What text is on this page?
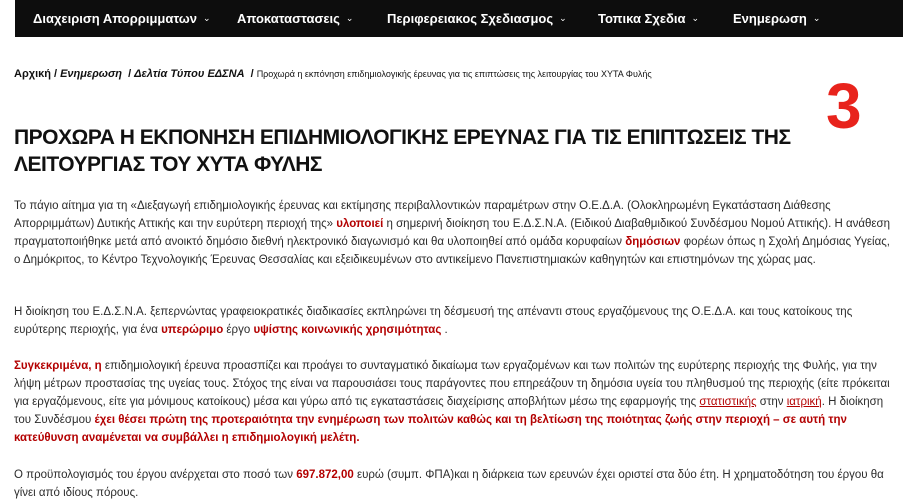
Διαχειριση Απορριμματων ⌄ Αποκαταστασεις ⌄	Περιφερειακος Σχεδιασμος ⌄ Τοπικα Σχεδια ⌄	Ενημερωση ⌄
Αρχική / Ενημερωση / Δελτία Τύπου ΕΔΣΝΑ / Προχωρά η εκπόνηση επιδημιολογικής έρευνας για τις επιπτώσεις της λειτουργίας του ΧΥΤΑ Φυλής	3
ΠΡΟΧΩΡΑ Η ΕΚΠΟΝΗΣΗ ΕΠΙΔΗΜΙΟΛΟΓΙΚΗΣ ΕΡΕΥΝΑΣ ΓΙΑ ΤΙΣ ΕΠΙΠΤΩΣΕΙΣ ΤΗΣ ΛΕΙΤΟΥΡΓΙΑΣ ΤΟΥ ΧΥΤΑ ΦΥΛΗΣ

Το πάγιο αίτημα για τη «Διεξαγωγή επιδημιολογικής έρευνας και εκτίμησης περιβαλλοντικών παραμέτρων στην Ο.Ε.Δ.Α. (Ολοκληρωμένη Εγκατάσταση Διάθεσης Απορριμμάτων) Δυτικής Αττικής και την ευρύτερη περιοχή της» υλοποιεί η σημερινή διοίκηση του Ε.Δ.Σ.Ν.Α. (Ειδικού Διαβαθμιδικού Συνδέσμου Νομού Αττικής). Η ανάθεση πραγματοποιήθηκε μετά από ανοικτό δημόσιο διεθνή ηλεκτρονικό διαγωνισμό και θα υλοποιηθεί από ομάδα κορυφαίων δημόσιων φορέων όπως η Σχολή Δημόσιας Υγείας, ο Δημόκριτος, το Κέντρο Τεχνολογικής Έρευνας Θεσσαλίας και εξειδικευμένων στο αντικείμενο Πανεπιστημιακών καθηγητών και επιστημόνων της χώρας μας.

Η διοίκηση του Ε.Δ.Σ.Ν.Α. ξεπερνώντας γραφειοκρατικές διαδικασίες εκπληρώνει τη δέσμευσή της απέναντι στους εργαζόμενους της Ο.Ε.Δ.Α. και τους κατοίκους της ευρύτερης περιοχής, για ένα υπερώριμο έργο υψίστης κοινωνικής χρησιμότητας .

Συγκεκριμένα, η επιδημιολογική έρευνα προασπίζει και προάγει το συνταγματικό δικαίωμα των εργαζομένων και των πολιτών της ευρύτερης περιοχής της Φυλής, για την λήψη μέτρων προστασίας της υγείας τους. Στόχος της είναι να παρουσιάσει τους παράγοντες που επηρεάζουν τη δημόσια υγεία του πληθυσμού της περιοχής (είτε πρόκειται για εργαζόμενους, είτε για μόνιμους κατοίκους) μέσα και γύρω από τις εγκαταστάσεις διαχείρισης αποβλήτων μέσω της εφαρμογής της στατιστικής στην ιατρική. Η διοίκηση του Συνδέσμου έχει θέσει πρώτη της προτεραιότητα την ενημέρωση των πολιτών καθώς και τη βελτίωση της ποιότητας ζωής στην περιοχή – σε αυτή την κατεύθυνση αναμένεται να συμβάλλει η επιδημιολογική μελέτη.

Ο προϋπολογισμός του έργου ανέρχεται στο ποσό των 697.872,00 ευρώ (συμπ. ΦΠΑ)και η διάρκεια των ερευνών έχει οριστεί στα δύο έτη. Η χρηματοδότηση του έργου θα γίνει από ιδίους πόρους.
